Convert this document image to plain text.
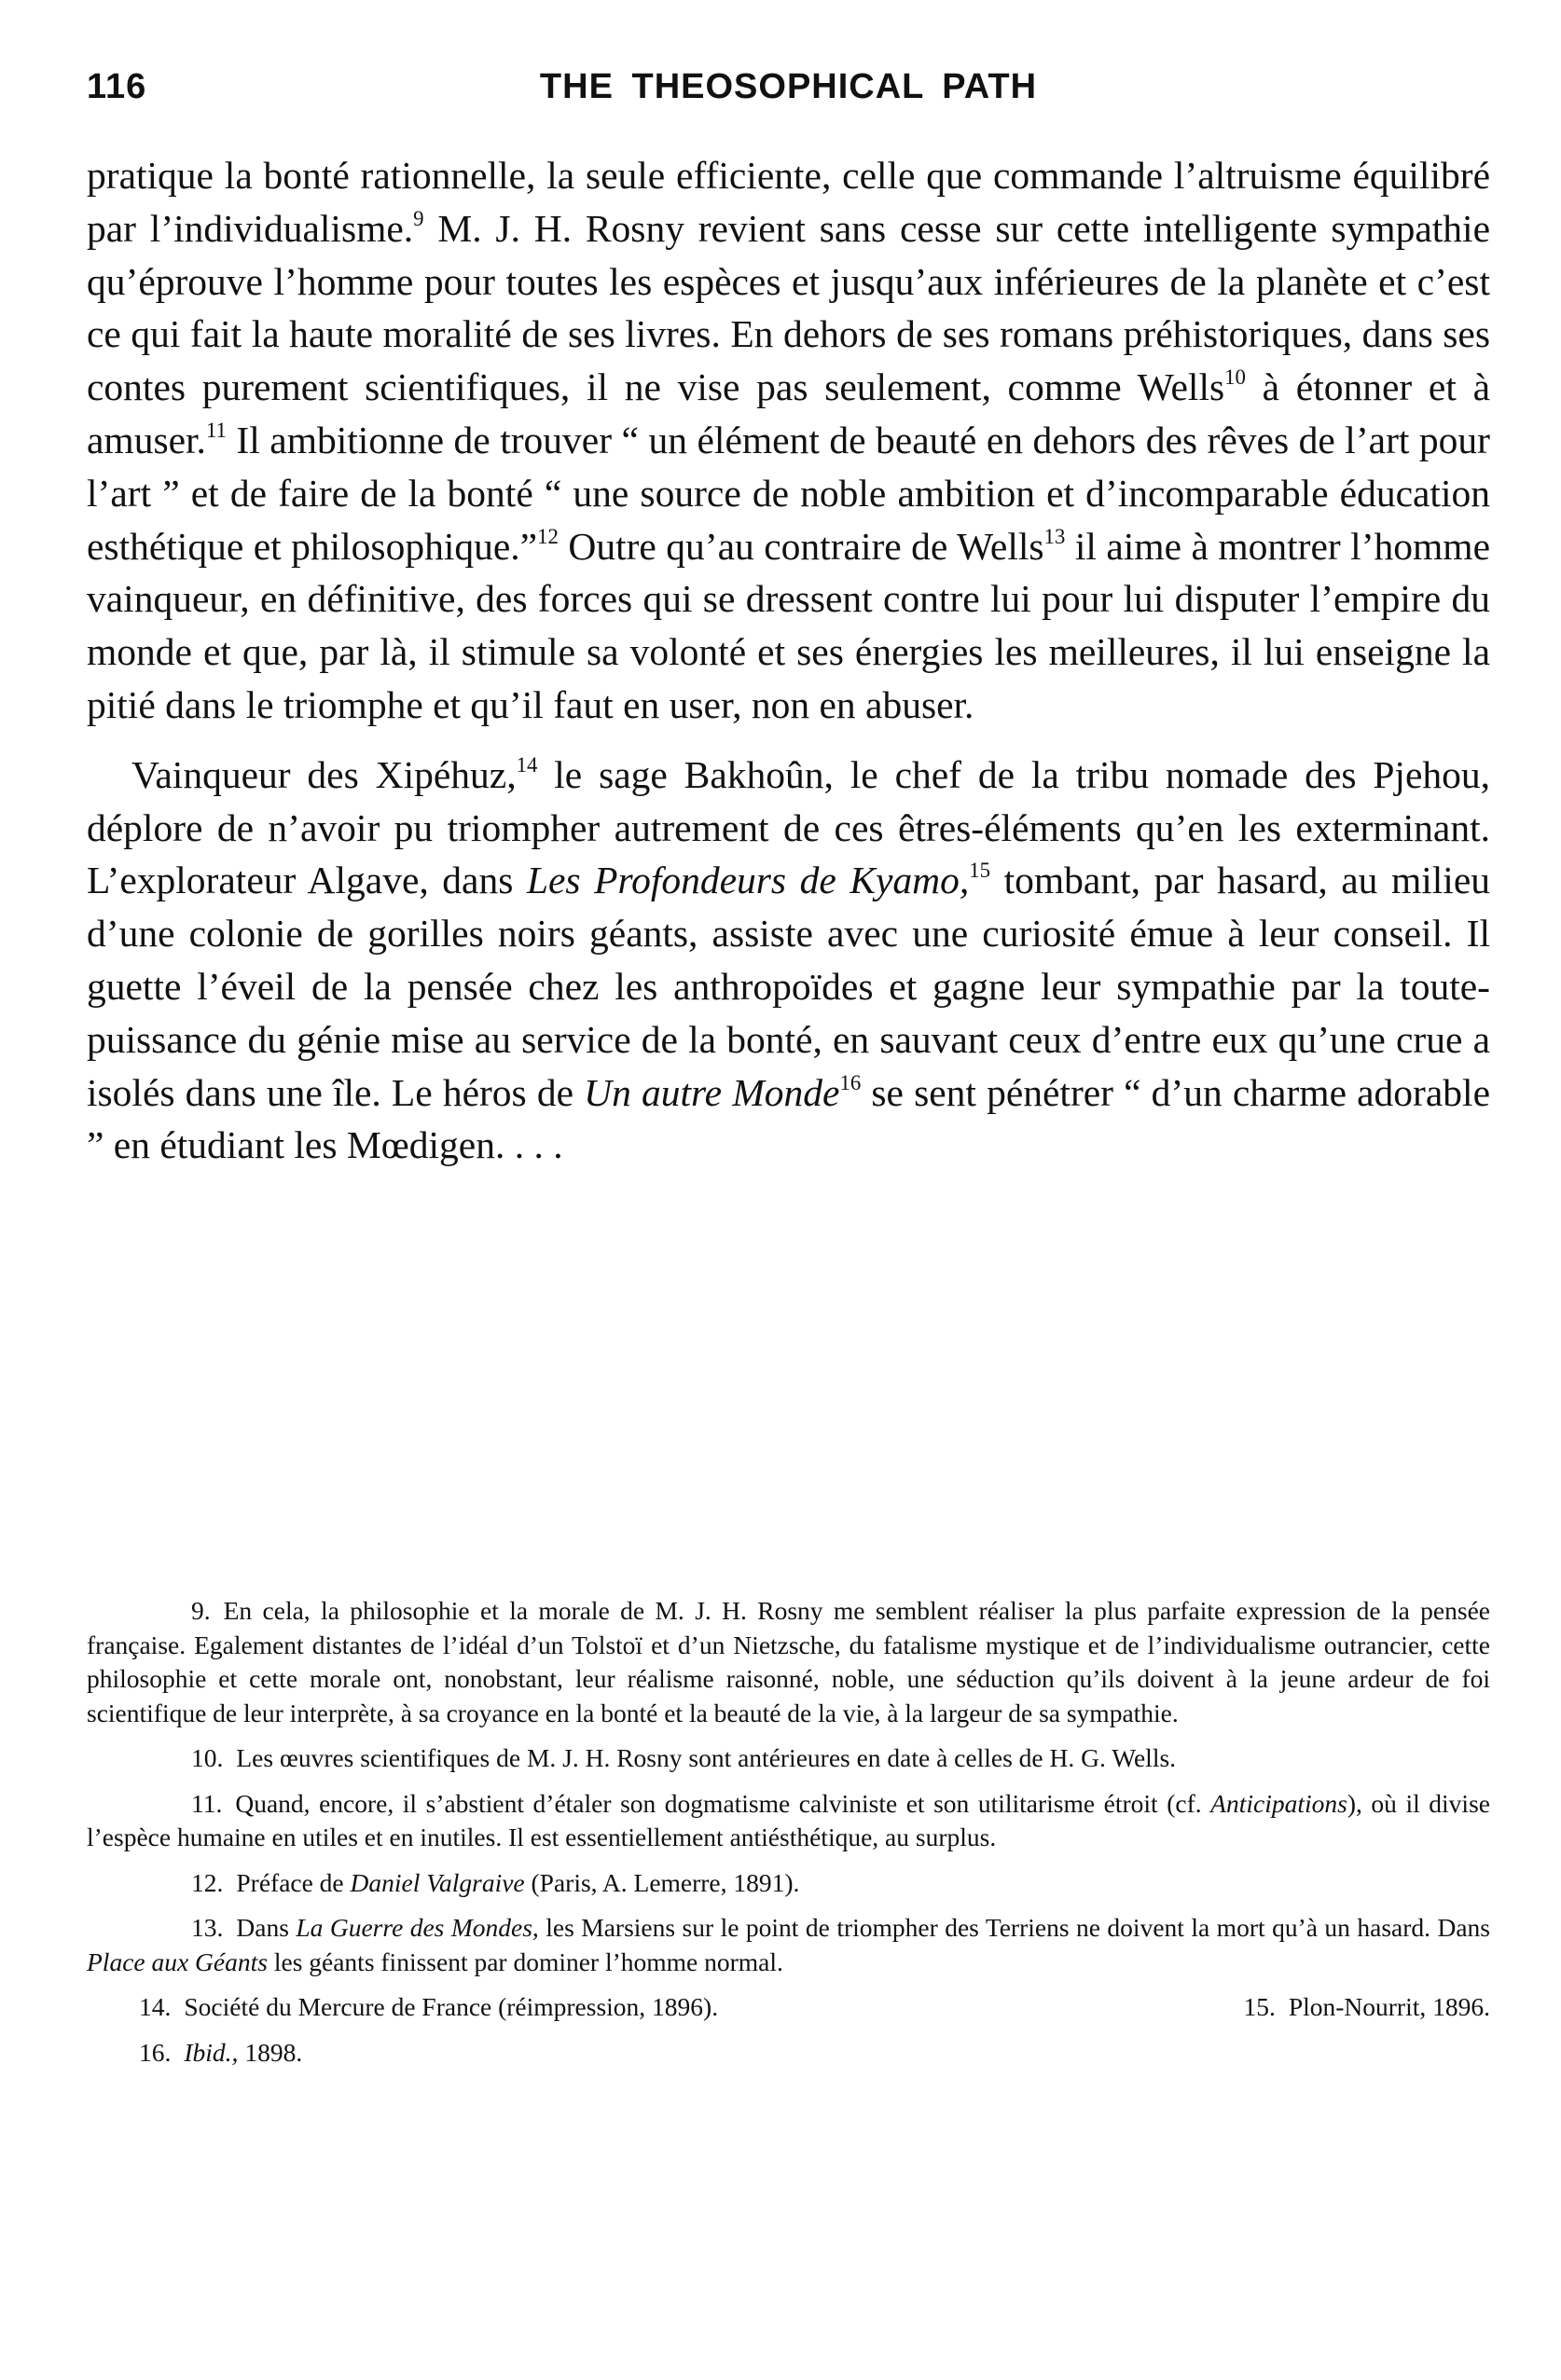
116	THE THEOSOPHICAL PATH

pratique la bonté rationnelle, la seule efficiente, celle que commande l’altruisme équilibré par l’individualisme.$^9$ M. J. H. Rosny revient sans cesse sur cette intelligente sympathie qu’éprouve l’homme pour toutes les espèces et jusqu’aux inférieures de la planète et c’est ce qui fait la haute moralité de ses livres. En dehors de ses romans préhistoriques, dans ses contes purement scientifiques, il ne vise pas seulement, comme Wells$^{10}$ à étonner et à amuser.$^{11}$ Il ambitionne de trouver “ un élément de beauté en dehors des rêves de l’art pour l’art ” et de faire de la bonté “ une source de noble ambition et d’incomparable éducation esthétique et philosophique.”$^{12}$ Outre qu’au contraire de Wells$^{13}$ il aime à montrer l’homme vainqueur, en définitive, des forces qui se dressent contre lui pour lui disputer l’empire du monde et que, par là, il stimule sa volonté et ses énergies les meilleures, il lui enseigne la pitié dans le triomphe et qu’il faut en user, non en abuser.

Vainqueur des Xipéhuz,$^{14}$ le sage Bakhoûn, le chef de la tribu nomade des Pjehou, déplore de n’avoir pu triompher autrement de ces êtres-éléments qu’en les exterminant. L’explorateur Algave, dans Les Profondeurs de Kyamo,$^{15}$ tombant, par hasard, au milieu d’une colonie de gorilles noirs géants, assiste avec une curiosité émue à leur conseil. Il guette l’éveil de la pensée chez les anthropoïdes et gagne leur sympathie par la toute-puissance du génie mise au service de la bonté, en sauvant ceux d’entre eux qu’une crue a isolés dans une île. Le héros de Un autre Monde$^{16}$ se sent pénétrer “ d’un charme adorable ” en étudiant les Mœdigen. . . .

9. En cela, la philosophie et la morale de M. J. H. Rosny me semblent réaliser la plus parfaite expression de la pensée française. Egalement distantes de l’idéal d’un Tolstoï et d’un Nietzsche, du fatalisme mystique et de l’individualisme outrancier, cette philosophie et cette morale ont, nonobstant, leur réalisme raisonné, noble, une séduction qu’ils doivent à la jeune ardeur de foi scientifique de leur interprète, à sa croyance en la bonté et la beauté de la vie, à la largeur de sa sympathie.

10. Les œuvres scientifiques de M. J. H. Rosny sont antérieures en date à celles de H. G. Wells.

11. Quand, encore, il s’abstient d’étaler son dogmatisme calviniste et son utilitarisme étroit (cf. Anticipations), où il divise l’espèce humaine en utiles et en inutiles. Il est essentiellement antiésthétique, au surplus.

12. Préface de Daniel Valgraive (Paris, A. Lemerre, 1891).

13. Dans La Guerre des Mondes, les Marsiens sur le point de triompher des Terriens ne doivent la mort qu’à un hasard. Dans Place aux Géants les géants finissent par dominer l’homme normal.

14. Société du Mercure de France (réimpression, 1896).	15. Plon-Nourrit, 1896.
16. Ibid., 1898.
